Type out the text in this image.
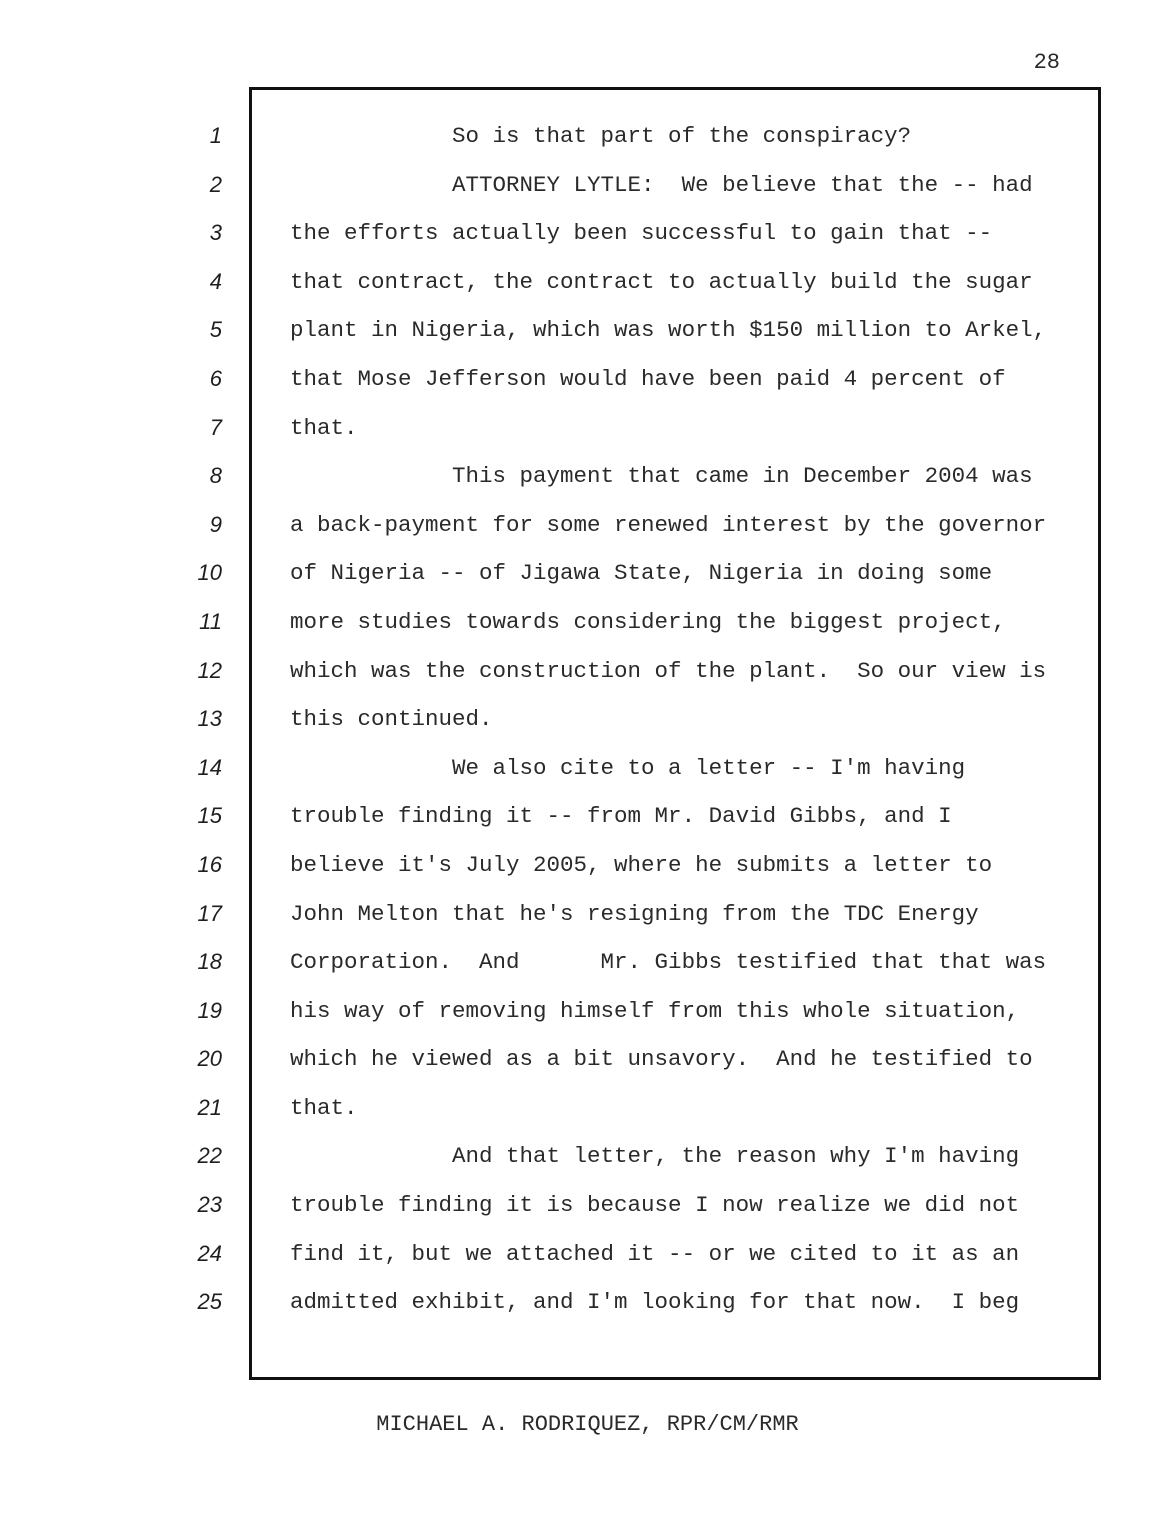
28
1
2
3
4
5
6
7
8
9
10
11
12
13
14
15
16
17
18
19
20
21
22
23
24
25
So is that part of the conspiracy?
ATTORNEY LYTLE:  We believe that the -- had
the efforts actually been successful to gain that --
that contract, the contract to actually build the sugar
plant in Nigeria, which was worth $150 million to Arkel,
that Mose Jefferson would have been paid 4 percent of
that.
This payment that came in December 2004 was
a back-payment for some renewed interest by the governor
of Nigeria -- of Jigawa State, Nigeria in doing some
more studies towards considering the biggest project,
which was the construction of the plant.  So our view is
this continued.
We also cite to a letter -- I'm having
trouble finding it -- from Mr. David Gibbs, and I
believe it's July 2005, where he submits a letter to
John Melton that he's resigning from the TDC Energy
Corporation.  And      Mr. Gibbs testified that that was
his way of removing himself from this whole situation,
which he viewed as a bit unsavory.  And he testified to
that.
And that letter, the reason why I'm having
trouble finding it is because I now realize we did not
find it, but we attached it -- or we cited to it as an
admitted exhibit, and I'm looking for that now.  I beg
MICHAEL A. RODRIQUEZ, RPR/CM/RMR
